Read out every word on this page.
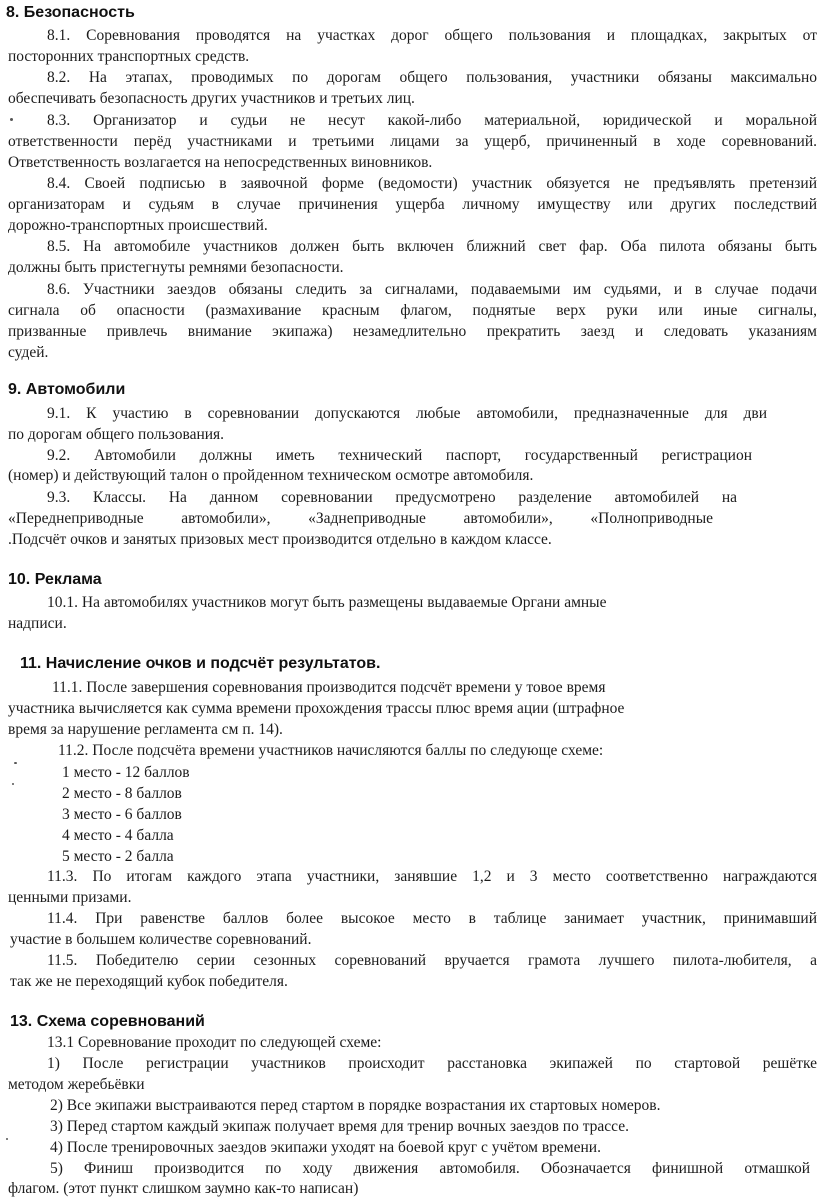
8. Безопасность
8.1. Соревнования проводятся на участках дорог общего пользования и площадках, закрытых от
посторонних транспортных средств.
8.2. На этапах, проводимых по дорогам общего пользования, участники обязаны максимально
обеспечивать безопасность других участников и третьих лиц.
8.3. Организатор и судьи не несут какой-либо материальной, юридической и моральной
ответственности перёд участниками и третьими лицами за ущерб, причиненный в ходе соревнований.
Ответственность возлагается на непосредственных виновников.
8.4. Своей подписью в заявочной форме (ведомости) участник обязуется не предъявлять претензий
организаторам и судьям в случае причинения ущерба личному имуществу или других последствий
дорожно-транспортных происшествий.
8.5. На автомобиле участников должен быть включен ближний свет фар. Оба пилота обязаны быть
должны быть пристегнуты ремнями безопасности.
8.6. Участники заездов обязаны следить за сигналами, подаваемыми им судьями, и в случае подачи
сигнала об опасности (размахивание красным флагом, поднятые верх руки или иные сигналы,
призванные привлечь внимание экипажа) незамедлительно прекратить заезд и следовать указаниям
судей.
9. Автомобили
9.1. К участию в соревновании допускаются любые автомобили, предназначенные для дви
по дорогам общего пользования.
9.2. Автомобили должны иметь технический паспорт, государственный регистрацион
(номер) и действующий талон о пройденном техническом осмотре автомобиля.
9.3. Классы. На данном соревновании предусмотрено разделение автомобилей на
«Переднеприводные автомобили», «Заднеприводные автомобили», «Полноприводные
.Подсчёт очков и занятых призовых мест производится отдельно в каждом классе.
10. Реклама
10.1. На автомобилях участников могут быть размещены выдаваемые Органи амные
надписи.
11. Начисление очков и подсчёт результатов.
11.1. После завершения соревнования производится подсчёт времени у товое время
участника вычисляется как сумма времени прохождения трассы плюс время ации (штрафное
время за нарушение регламента см п. 14).
11.2. После подсчёта времени участников начисляются баллы по следующе схеме:
1 место - 12 баллов
2 место - 8 баллов
3 место - 6 баллов
4 место - 4 балла
5 место - 2 балла
11.3. По итогам каждого этапа участники, занявшие 1,2 и 3 место соответственно награждаются
ценными призами.
11.4. При равенстве баллов более высокое место в таблице занимает участник, принимавший
участие в большем количестве соревнований.
11.5. Победителю серии сезонных соревнований вручается грамота лучшего пилота-любителя, а
так же не переходящий кубок победителя.
13. Схема соревнований
13.1 Соревнование проходит по следующей схеме:
1) После регистрации участников происходит расстановка экипажей по стартовой решётке
методом жеребьёвки
2) Все экипажи выстраиваются перед стартом в порядке возрастания их стартовых номеров.
3) Перед стартом каждый экипаж получает время для тренир вочных заездов по трассе.
4) После тренировочных заездов экипажи уходят на боевой круг с учётом времени.
5) Финиш производится по ходу движения автомобиля. Обозначается финишной отмашкой
флагом. (этот пункт слишком заумно как-то написан)
